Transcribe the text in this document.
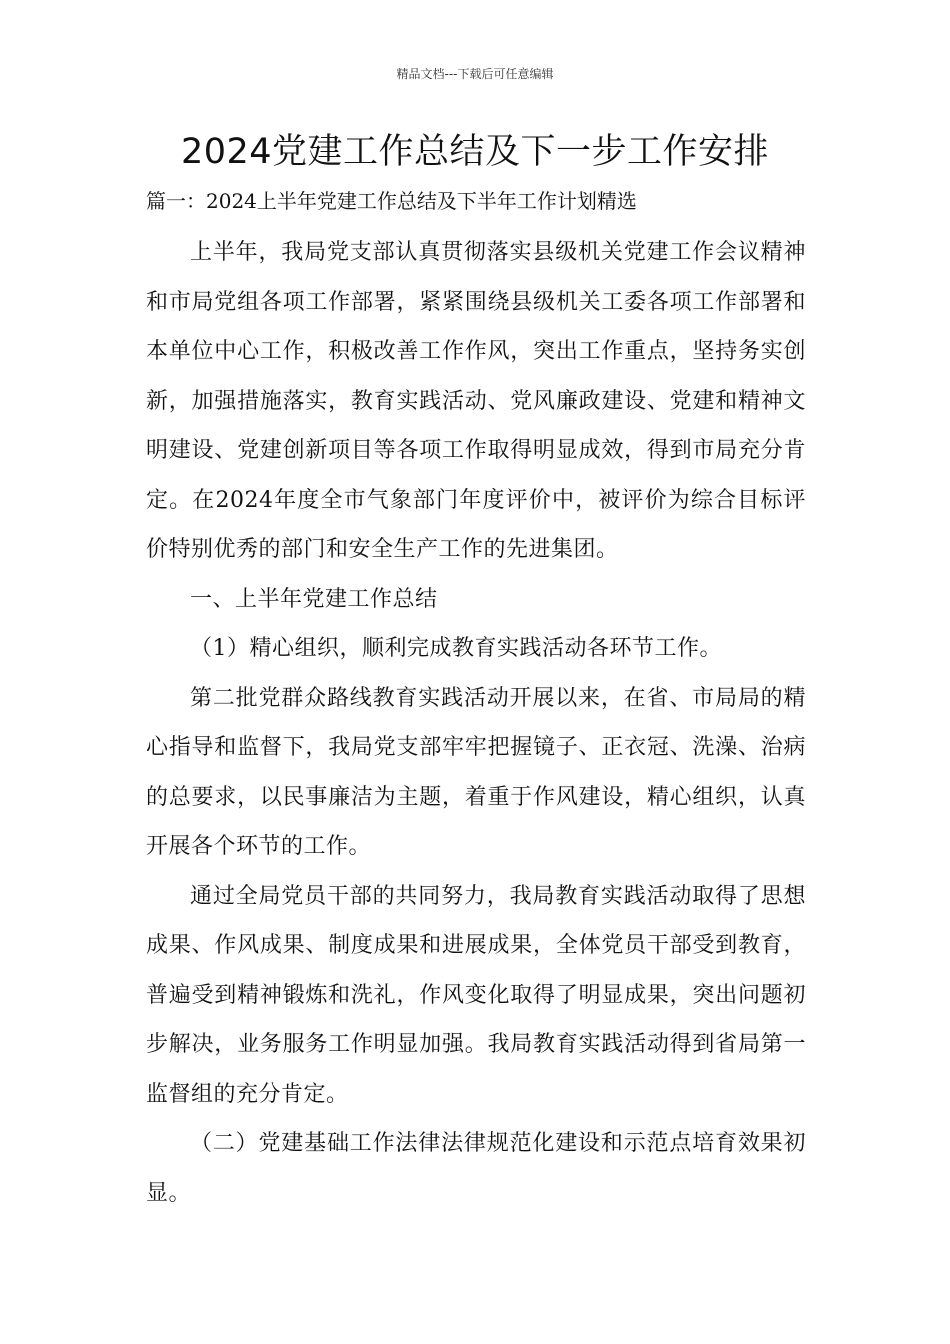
精品文档---下载后可任意编辑
2024党建工作总结及下一步工作安排
篇一：2024上半年党建工作总结及下半年工作计划精选

上半年，我局党支部认真贯彻落实县级机关党建工作会议精神和市局党组各项工作部署，紧紧围绕县级机关工委各项工作部署和本单位中心工作，积极改善工作作风，突出工作重点，坚持务实创新，加强措施落实，教育实践活动、党风廉政建设、党建和精神文明建设、党建创新项目等各项工作取得明显成效，得到市局充分肯定。在2024年度全市气象部门年度评价中，被评价为综合目标评价特别优秀的部门和安全生产工作的先进集团。

一、上半年党建工作总结

（1）精心组织，顺利完成教育实践活动各环节工作。

第二批党群众路线教育实践活动开展以来，在省、市局局的精心指导和监督下，我局党支部牢牢把握镜子、正衣冠、洗澡、治病的总要求，以民事廉洁为主题，着重于作风建设，精心组织，认真开展各个环节的工作。

通过全局党员干部的共同努力，我局教育实践活动取得了思想成果、作风成果、制度成果和进展成果，全体党员干部受到教育，普遍受到精神锻炼和洗礼，作风变化取得了明显成果，突出问题初步解决，业务服务工作明显加强。我局教育实践活动得到省局第一监督组的充分肯定。

（二）党建基础工作法律法律规范化建设和示范点培育效果初显。
